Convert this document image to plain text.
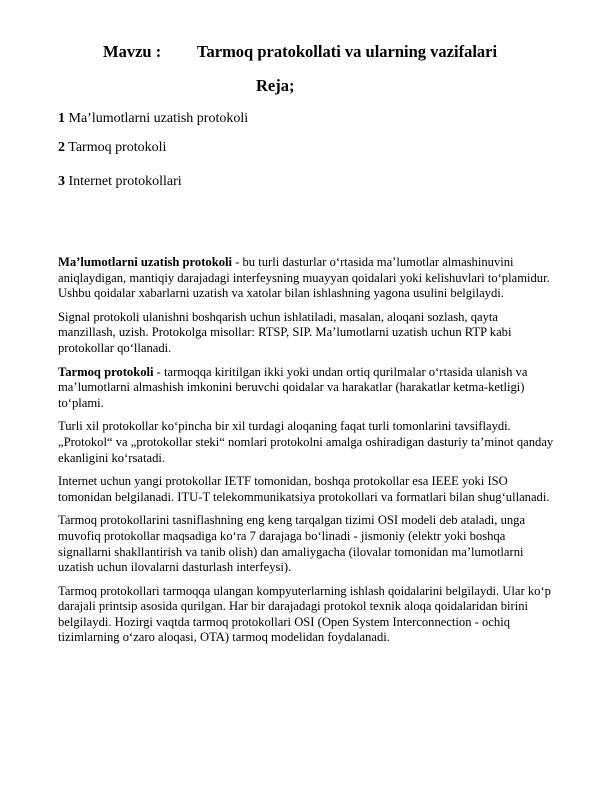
Mavzu : Tarmoq pratokollati va ularning vazifalari
Reja;
1 Ma’lumotlarni uzatish protokoli
2 Tarmoq protokoli
3 Internet protokollari

Ma’lumotlarni uzatish protokoli - bu turli dasturlar o‘rtasida ma’lumotlar almashinuvini aniqlaydigan, mantiqiy darajadagi interfeysning muayyan qoidalari yoki kelishuvlari to‘plamidur. Ushbu qoidalar xabarlarni uzatish va xatolar bilan ishlashning yagona usulini belgilaydi.

Signal protokoli ulanishni boshqarish uchun ishlatiladi, masalan, aloqani sozlash, qayta manzillash, uzish. Protokolga misollar: RTSP, SIP. Ma’lumotlarni uzatish uchun RTP kabi protokollar qo‘llanadi.

Tarmoq protokoli - tarmoqqa kiritilgan ikki yoki undan ortiq qurilmalar o‘rtasida ulanish va ma’lumotlarni almashish imkonini beruvchi qoidalar va harakatlar (harakatlar ketma-ketligi) to‘plami.

Turli xil protokollar ko‘pincha bir xil turdagi aloqaning faqat turli tomonlarini tavsiflaydi. „Protokol“ va „protokollar steki“ nomlari protokolni amalga oshiradigan dasturiy ta’minot qanday ekanligini ko‘rsatadi.

Internet uchun yangi protokollar IETF tomonidan, boshqa protokollar esa IEEE yoki ISO tomonidan belgilanadi. ITU-T telekommunikatsiya protokollari va formatlari bilan shug‘ullanadi.

Tarmoq protokollarini tasniflashning eng keng tarqalgan tizimi OSI modeli deb ataladi, unga muvofiq protokollar maqsadiga ko‘ra 7 darajaga bo‘linadi - jismoniy (elektr yoki boshqa signallarni shakllantirish va tanib olish) dan amaliygacha (ilovalar tomonidan ma’lumotlarni uzatish uchun ilovalarni dasturlash interfeysi).

Tarmoq protokollari tarmoqqa ulangan kompyuterlarning ishlash qoidalarini belgilaydi. Ular ko‘p darajali printsip asosida qurilgan. Har bir darajadagi protokol texnik aloqa qoidalaridan birini belgilaydi. Hozirgi vaqtda tarmoq protokollari OSI (Open System Interconnection - ochiq tizimlarning o‘zaro aloqasi, OTA) tarmoq modelidan foydalanadi.
